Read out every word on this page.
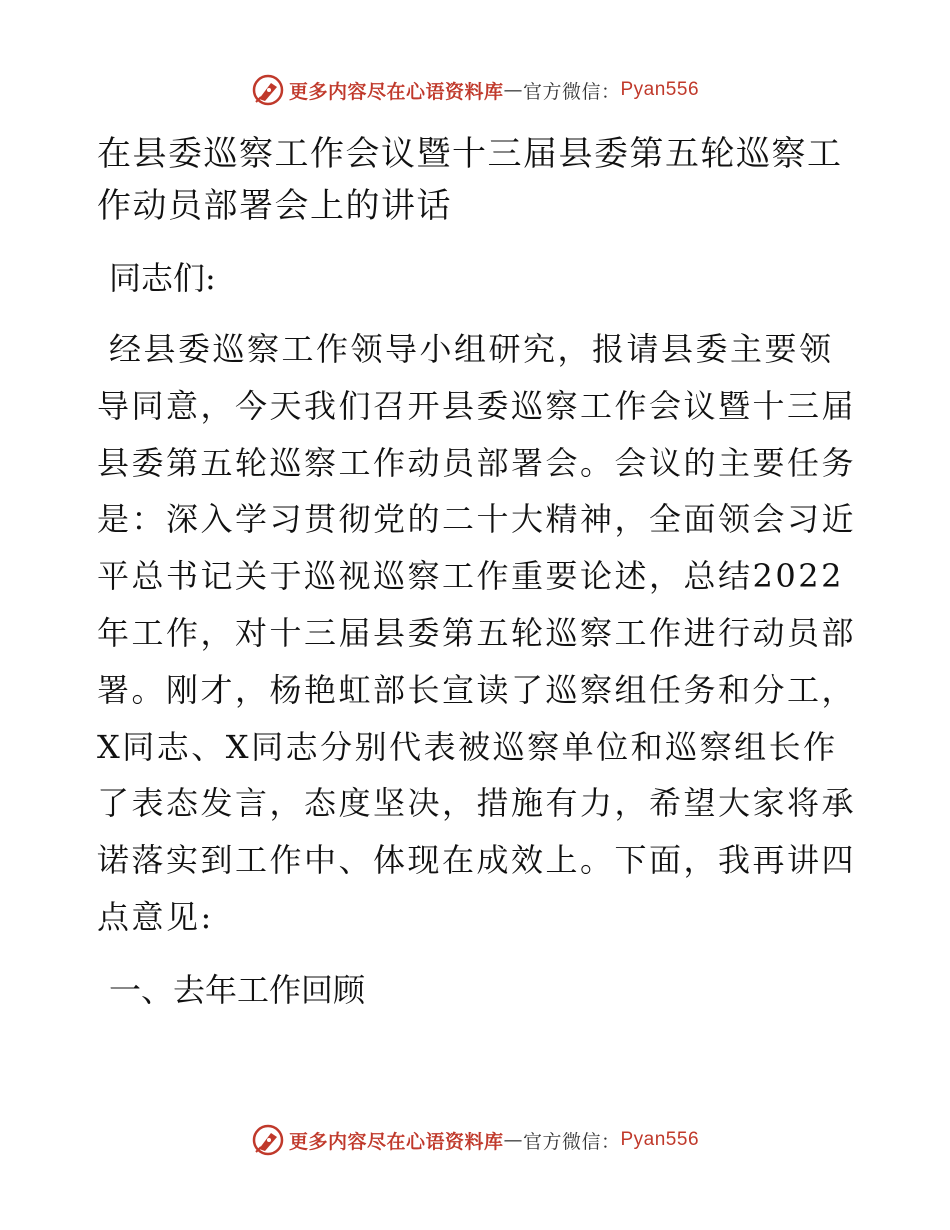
更多内容尽在心语资料库 — 官方微信： Pyan556
在县委巡察工作会议暨十三届县委第五轮巡察工作动员部署会上的讲话

同志们:

经县委巡察工作领导小组研究，报请县委主要领导同意，今天我们召开县委巡察工作会议暨十三届县委第五轮巡察工作动员部署会。会议的主要任务是：深入学习贯彻党的二十大精神，全面领会习近平总书记关于巡视巡察工作重要论述，总结2022年工作，对十三届县委第五轮巡察工作进行动员部署。刚才，杨艳虹部长宣读了巡察组任务和分工，X同志、X同志分别代表被巡察单位和巡察组长作了表态发言，态度坚决，措施有力，希望大家将承诺落实到工作中、体现在成效上。下面，我再讲四点意见:

一、去年工作回顾

更多内容尽在心语资料库 — 官方微信： Pyan556
